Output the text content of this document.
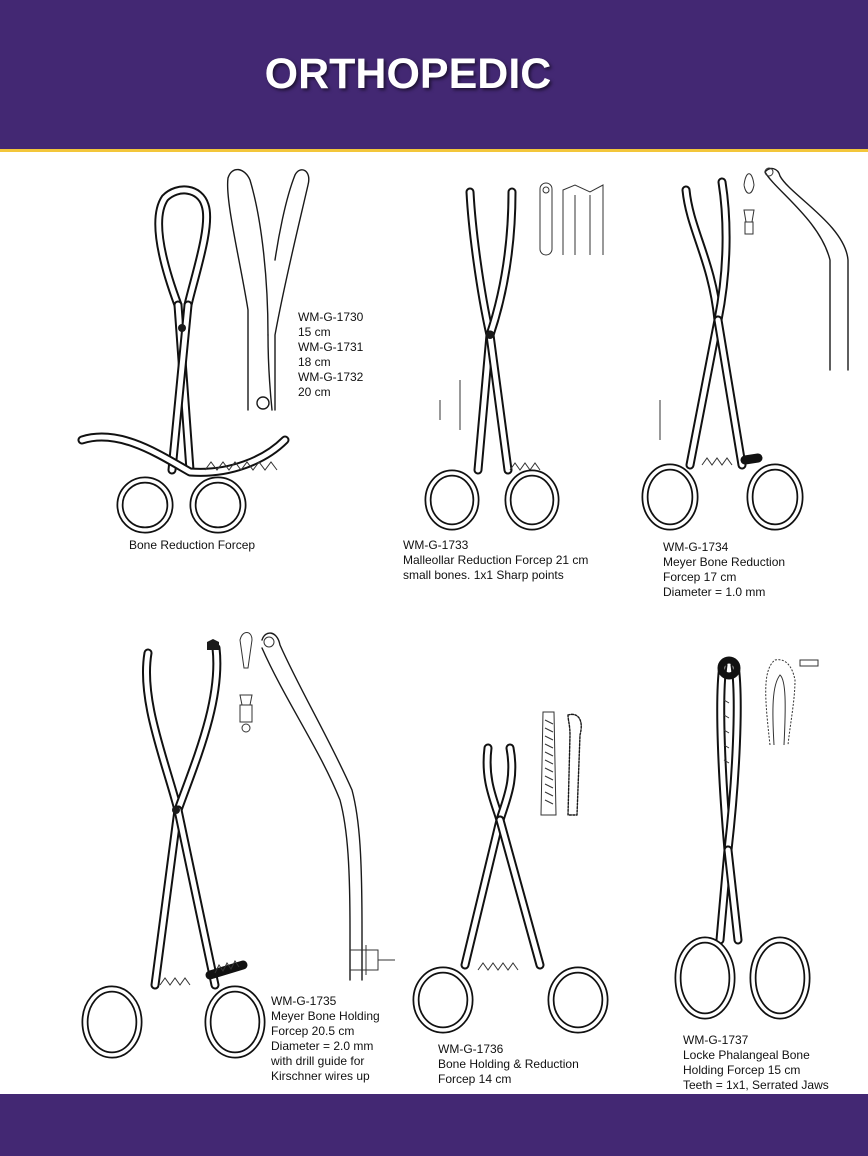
ORTHOPEDIC
WM-G-1730
15 cm
WM-G-1731
18 cm
WM-G-1732
20 cm
Bone Reduction Forcep	WM-G-1733
Malleollar Reduction Forcep 21 cm
small bones. 1x1 Sharp points
WM-G-1734
Meyer Bone Reduction
Forcep 17 cm
Diameter = 1.0 mm
WM-G-1735
Meyer Bone Holding
Forcep 20.5 cm
Diameter = 2.0 mm
with drill guide for
Kirschner wires up
WM-G-1736
Bone Holding & Reduction
Forcep 14 cm
WM-G-1737
Locke Phalangeal Bone
Holding Forcep 15 cm
Teeth = 1x1, Serrated Jaws
